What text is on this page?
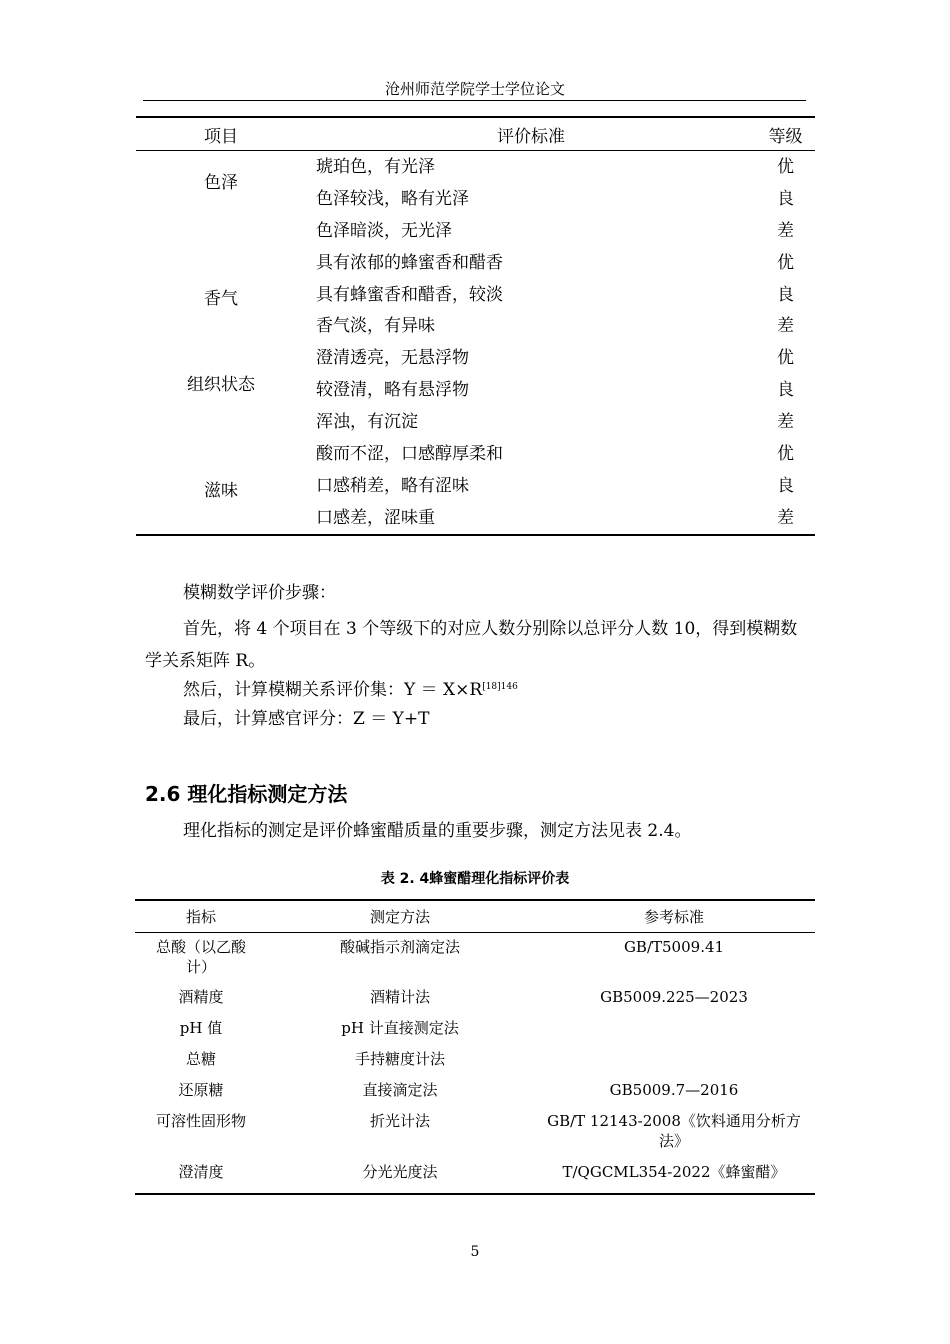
沧州师范学院学士学位论文
项目	评价标准	等级
色泽	琥珀色，有光泽	优
	色泽较浅，略有光泽	良
	色泽暗淡，无光泽	差
香气	具有浓郁的蜂蜜香和醋香	优
	具有蜂蜜香和醋香，较淡	良
	香气淡，有异味	差
	澄清透亮，无悬浮物	优
组织状态	较澄清，略有悬浮物	良
	浑浊，有沉淀	差
滋味	酸而不涩，口感醇厚柔和	优
	口感稍差，略有涩味	良
	口感差，涩味重	差
模糊数学评价步骤：
首先，将 4 个项目在 3 个等级下的对应人数分别除以总评分人数 10，得到模糊数学关系矩阵 R。
然后，计算模糊关系评价集：$Y = X\times R^{[18]146}$
最后，计算感官评分：Z ＝ Y+T
2.6 理化指标测定方法
理化指标的测定是评价蜂蜜醋质量的重要步骤，测定方法见表 2.4。
表 2. 4蜂蜜醋理化指标评价表
指标	测定方法	参考标准
总酸（以乙酸计）	酸碱指示剂滴定法	GB/T5009.41
酒精度	酒精计法	GB5009.225—2023
pH 值	pH 计直接测定法	
总糖	手持糖度计法	
还原糖	直接滴定法	GB5009.7—2016
可溶性固形物	折光计法	GB/T 12143-2008《饮料通用分析方法》
澄清度	分光光度法	T/QGCML354-2022《蜂蜜醋》
5
